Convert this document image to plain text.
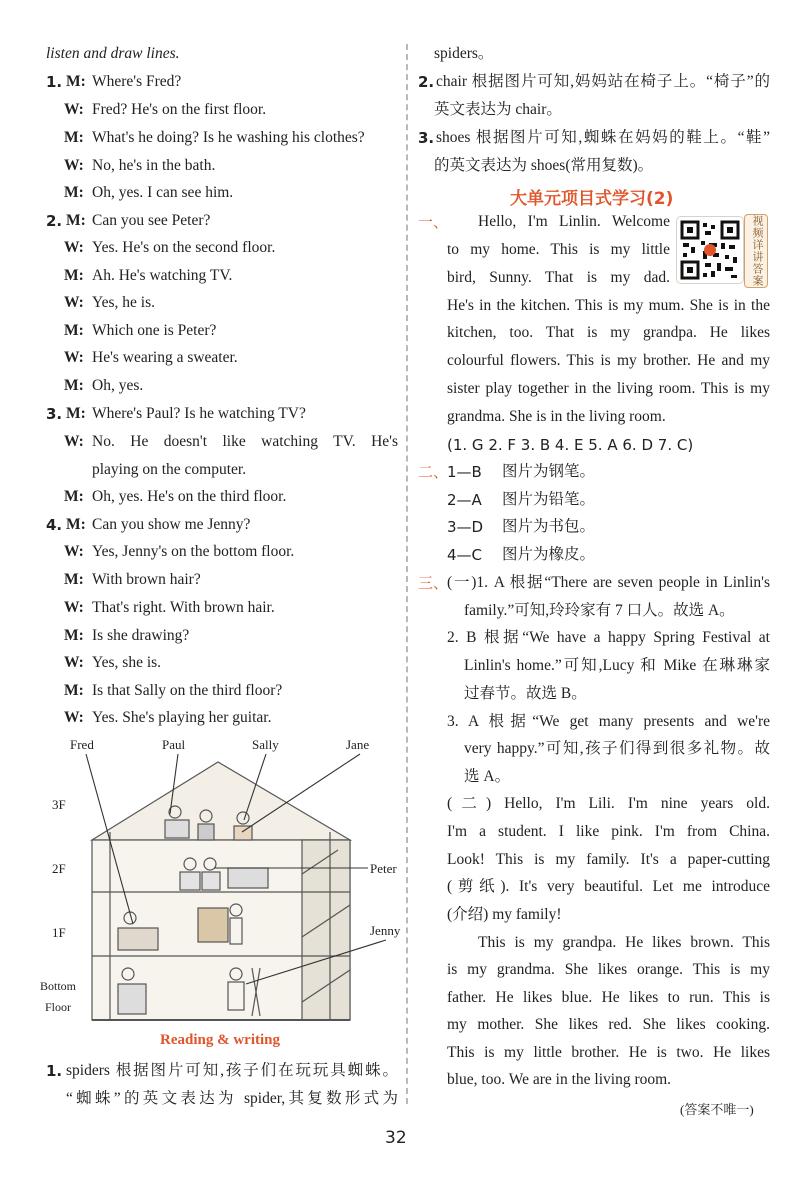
listen and draw lines.
1. M: Where's Fred?
W: Fred? He's on the first floor.
M: What's he doing? Is he washing his clothes?
W: No, he's in the bath.
M: Oh, yes. I can see him.
2. M: Can you see Peter?
W: Yes. He's on the second floor.
M: Ah. He's watching TV.
W: Yes, he is.
M: Which one is Peter?
W: He's wearing a sweater.
M: Oh, yes.
3. M: Where's Paul? Is he watching TV?
W: No. He doesn't like watching TV. He's
playing on the computer.
M: Oh, yes. He's on the third floor.
4. M: Can you show me Jenny?
W: Yes, Jenny's on the bottom floor.
M: With brown hair?
W: That's right. With brown hair.
M: Is she drawing?
W: Yes, she is.
M: Is that Sally on the third floor?
W: Yes. She's playing her guitar.
Fred	Paul	Sally	Jane
Peter
Jenny
3F
2F
1F
Bottom
Floor
Reading & writing
1. spiders 根据图片可知,孩子们在玩玩具蜘蛛。
“蜘蛛”的英文表达为 spider,其复数形式为
spiders。
2. chair 根据图片可知,妈妈站在椅子上。“椅子”的
英文表达为 chair。
3. shoes 根据图片可知,蜘蛛在妈妈的鞋上。“鞋”
的英文表达为 shoes(常用复数)。
大单元项目式学习(2)
视频详讲答案
一、 Hello, I'm Linlin. Welcome
to my home. This is my little
bird, Sunny. That is my dad.
He's in the kitchen. This is my mum. She is in the
kitchen, too. That is my grandpa. He likes
colourful flowers. This is my brother. He and my
sister play together in the living room. This is my
grandma. She is in the living room.
(1. G 2. F 3. B 4. E 5. A 6. D 7. C)
二、
1—B 图片为钢笔。
2—A 图片为铅笔。
3—D 图片为书包。
4—C 图片为橡皮。
三、
(一)1. A 根据“There are seven people in Linlin's
family.”可知,玲玲家有 7 口人。故选 A。
2. B 根据“We have a happy Spring Festival at
Linlin's home.”可知,Lucy 和 Mike 在琳琳家
过春节。故选 B。
3. A 根据“We get many presents and we're
very happy.”可知,孩子们得到很多礼物。故
选 A。
(二) Hello, I'm Lili. I'm nine years old.
I'm a student. I like pink. I'm from China.
Look! This is my family. It's a paper-cutting
(剪纸). It's very beautiful. Let me introduce
(介绍) my family!
This is my grandpa. He likes brown. This
is my grandma. She likes orange. This is my
father. He likes blue. He likes to run. This is
my mother. She likes red. She likes cooking.
This is my little brother. He is two. He likes
blue, too. We are in the living room.
(答案不唯一)
32
